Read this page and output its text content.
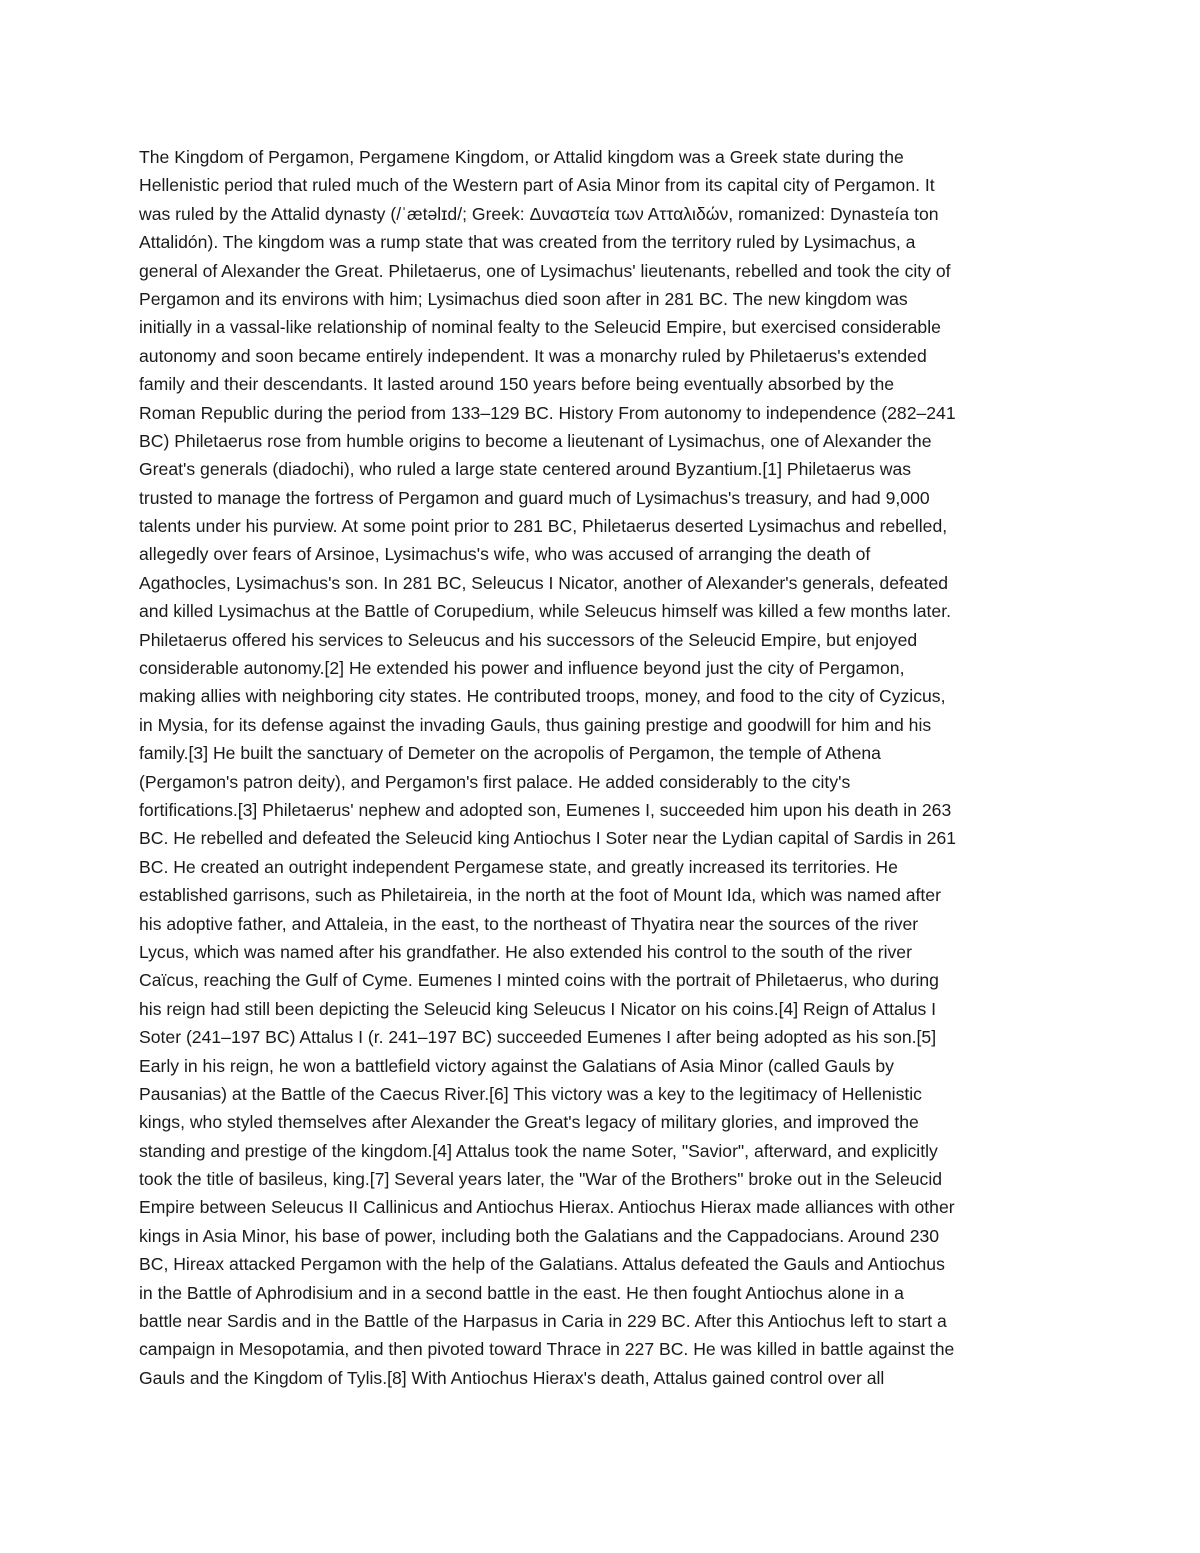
The Kingdom of Pergamon, Pergamene Kingdom, or Attalid kingdom was a Greek state during the
Hellenistic period that ruled much of the Western part of Asia Minor from its capital city of Pergamon. It
was ruled by the Attalid dynasty (/ˈætəlɪd/; Greek: Δυναστεία των Ατταλιδών, romanized: Dynasteía ton
Attalidón). The kingdom was a rump state that was created from the territory ruled by Lysimachus, a
general of Alexander the Great. Philetaerus, one of Lysimachus' lieutenants, rebelled and took the city of
Pergamon and its environs with him; Lysimachus died soon after in 281 BC. The new kingdom was
initially in a vassal-like relationship of nominal fealty to the Seleucid Empire, but exercised considerable
autonomy and soon became entirely independent. It was a monarchy ruled by Philetaerus's extended
family and their descendants. It lasted around 150 years before being eventually absorbed by the
Roman Republic during the period from 133–129 BC. History From autonomy to independence (282–241
BC) Philetaerus rose from humble origins to become a lieutenant of Lysimachus, one of Alexander the
Great's generals (diadochi), who ruled a large state centered around Byzantium.[1] Philetaerus was
trusted to manage the fortress of Pergamon and guard much of Lysimachus's treasury, and had 9,000
talents under his purview. At some point prior to 281 BC, Philetaerus deserted Lysimachus and rebelled,
allegedly over fears of Arsinoe, Lysimachus's wife, who was accused of arranging the death of
Agathocles, Lysimachus's son. In 281 BC, Seleucus I Nicator, another of Alexander's generals, defeated
and killed Lysimachus at the Battle of Corupedium, while Seleucus himself was killed a few months later.
Philetaerus offered his services to Seleucus and his successors of the Seleucid Empire, but enjoyed
considerable autonomy.[2] He extended his power and influence beyond just the city of Pergamon,
making allies with neighboring city states. He contributed troops, money, and food to the city of Cyzicus,
in Mysia, for its defense against the invading Gauls, thus gaining prestige and goodwill for him and his
family.[3] He built the sanctuary of Demeter on the acropolis of Pergamon, the temple of Athena
(Pergamon's patron deity), and Pergamon's first palace. He added considerably to the city's
fortifications.[3] Philetaerus' nephew and adopted son, Eumenes I, succeeded him upon his death in 263
BC. He rebelled and defeated the Seleucid king Antiochus I Soter near the Lydian capital of Sardis in 261
BC. He created an outright independent Pergamese state, and greatly increased its territories. He
established garrisons, such as Philetaireia, in the north at the foot of Mount Ida, which was named after
his adoptive father, and Attaleia, in the east, to the northeast of Thyatira near the sources of the river
Lycus, which was named after his grandfather. He also extended his control to the south of the river
Caïcus, reaching the Gulf of Cyme. Eumenes I minted coins with the portrait of Philetaerus, who during
his reign had still been depicting the Seleucid king Seleucus I Nicator on his coins.[4] Reign of Attalus I
Soter (241–197 BC) Attalus I (r. 241–197 BC) succeeded Eumenes I after being adopted as his son.[5]
Early in his reign, he won a battlefield victory against the Galatians of Asia Minor (called Gauls by
Pausanias) at the Battle of the Caecus River.[6] This victory was a key to the legitimacy of Hellenistic
kings, who styled themselves after Alexander the Great's legacy of military glories, and improved the
standing and prestige of the kingdom.[4] Attalus took the name Soter, "Savior", afterward, and explicitly
took the title of basileus, king.[7] Several years later, the "War of the Brothers" broke out in the Seleucid
Empire between Seleucus II Callinicus and Antiochus Hierax. Antiochus Hierax made alliances with other
kings in Asia Minor, his base of power, including both the Galatians and the Cappadocians. Around 230
BC, Hireax attacked Pergamon with the help of the Galatians. Attalus defeated the Gauls and Antiochus
in the Battle of Aphrodisium and in a second battle in the east. He then fought Antiochus alone in a
battle near Sardis and in the Battle of the Harpasus in Caria in 229 BC. After this Antiochus left to start a
campaign in Mesopotamia, and then pivoted toward Thrace in 227 BC. He was killed in battle against the
Gauls and the Kingdom of Tylis.[8] With Antiochus Hierax's death, Attalus gained control over all
